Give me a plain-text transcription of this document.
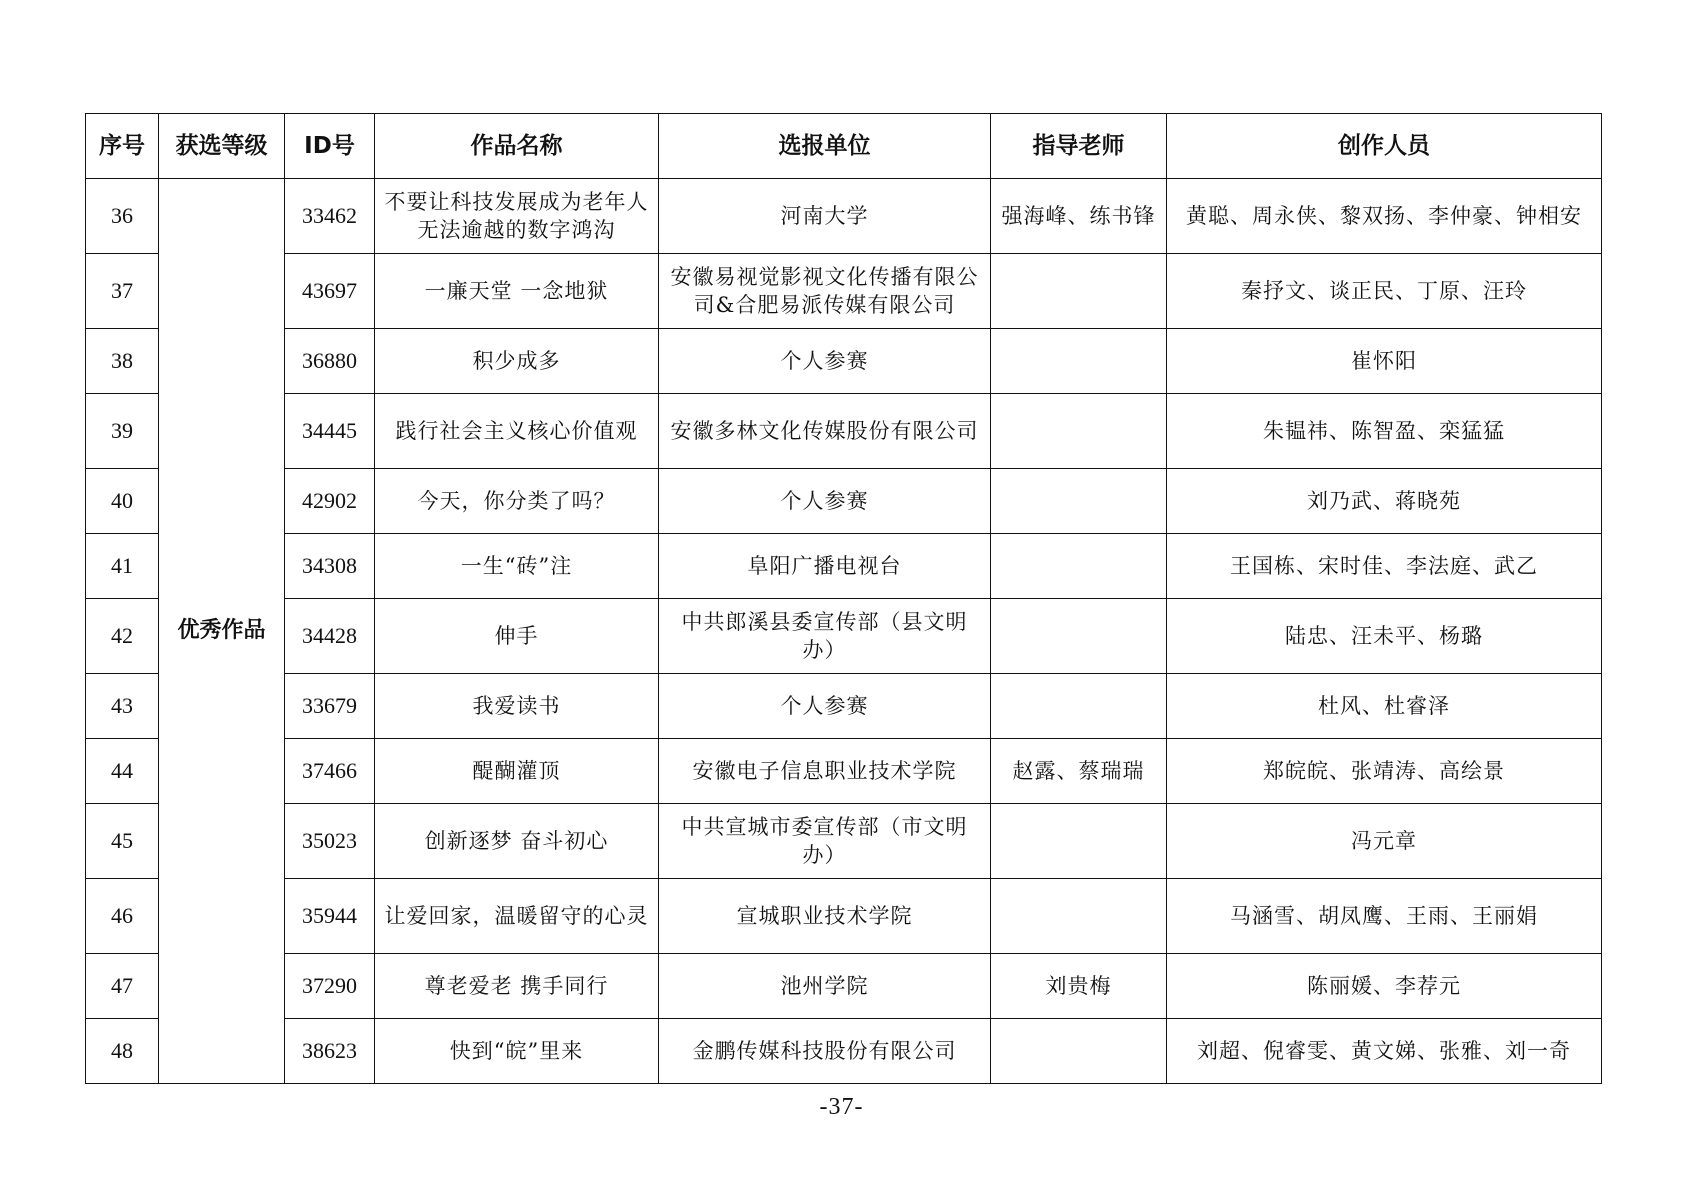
序号	获选等级	ID号	作品名称	选报单位	指导老师	创作人员
36	优秀作品	33462	不要让科技发展成为老年人无法逾越的数字鸿沟	河南大学	强海峰、练书锋	黄聪、周永侠、黎双扬、李仲豪、钟相安
37		43697	一廉天堂 一念地狱	安徽易视觉影视文化传播有限公司&合肥易派传媒有限公司		秦抒文、谈正民、丁原、汪玲
38		36880	积少成多	个人参赛		崔怀阳
39		34445	践行社会主义核心价值观	安徽多林文化传媒股份有限公司		朱韫祎、陈智盈、栾猛猛
40		42902	今天，你分类了吗？	个人参赛		刘乃武、蒋晓苑
41		34308	一生“砖”注	阜阳广播电视台		王国栋、宋时佳、李法庭、武乙
42		34428	伸手	中共郎溪县委宣传部（县文明办）		陆忠、汪未平、杨璐
43		33679	我爱读书	个人参赛		杜风、杜睿泽
44		37466	醍醐灌顶	安徽电子信息职业技术学院	赵露、蔡瑞瑞	郑皖皖、张靖涛、高绘景
45		35023	创新逐梦 奋斗初心	中共宣城市委宣传部（市文明办）		冯元章
46		35944	让爱回家，温暖留守的心灵	宣城职业技术学院		马涵雪、胡凤鹰、王雨、王丽娟
47		37290	尊老爱老 携手同行	池州学院	刘贵梅	陈丽媛、李荐元
48		38623	快到“皖”里来	金鹏传媒科技股份有限公司		刘超、倪睿雯、黄文娣、张雅、刘一奇
-37-
